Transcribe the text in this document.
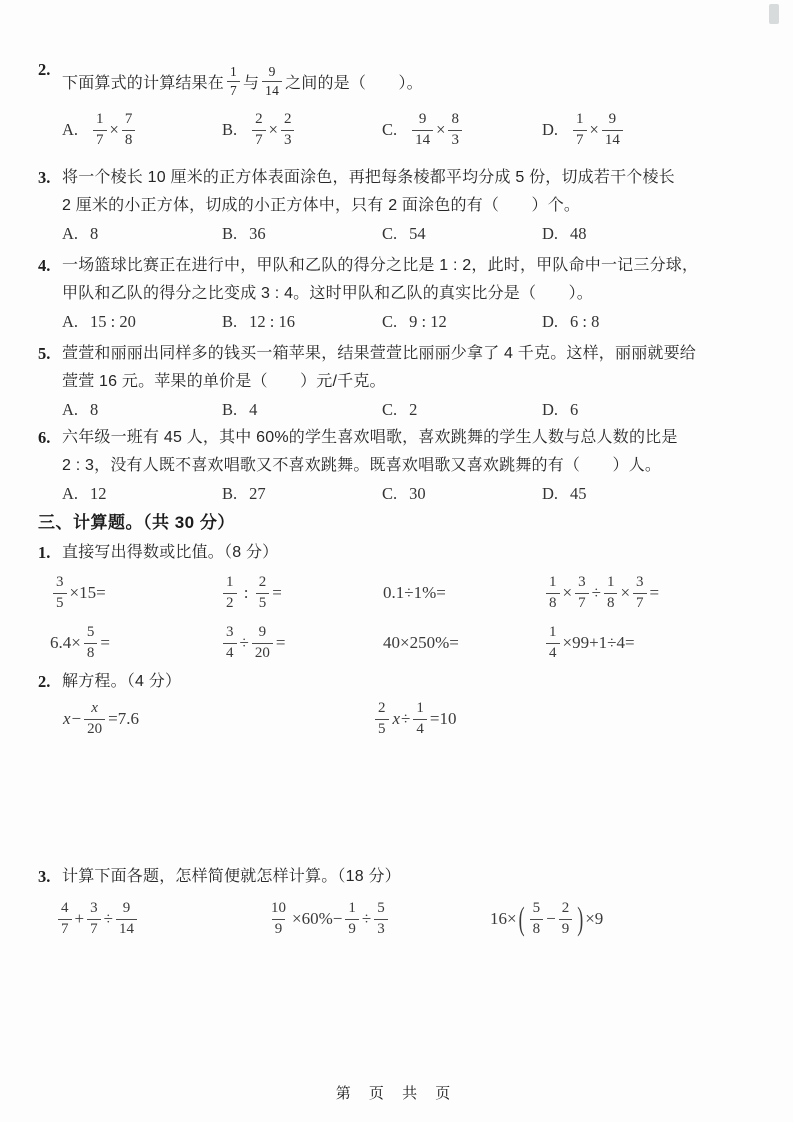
2.
下面算式的计算结果在 $\frac{1}{7}$ 与 $\frac{9}{14}$ 之间的是（　　）。
A. $\frac{1}{7} \times \frac{7}{8}$	B. $\frac{2}{7} \times \frac{2}{3}$	C. $\frac{9}{14} \times \frac{8}{3}$	D. $\frac{1}{7} \times \frac{9}{14}$
3. 将一个棱长 10 厘米的正方体表面涂色，再把每条棱都平均分成 5 份，切成若干个棱长
2 厘米的小正方体，切成的小正方体中，只有 2 面涂色的有（　　）个。
A. 8	B. 36	C. 54	D. 48
4. 一场篮球比赛正在进行中，甲队和乙队的得分之比是 1 : 2，此时，甲队命中一记三分球，
甲队和乙队的得分之比变成 3 : 4。这时甲队和乙队的真实比分是（　　）。
A. 15 : 20	B. 12 : 16	C. 9 : 12	D. 6 : 8
5. 萱萱和丽丽出同样多的钱买一箱苹果，结果萱萱比丽丽少拿了 4 千克。这样，丽丽就要给
萱萱 16 元。苹果的单价是（　　）元/千克。
A. 8	B. 4	C. 2	D. 6
6. 六年级一班有 45 人，其中 60%的学生喜欢唱歌，喜欢跳舞的学生人数与总人数的比是
2 : 3，没有人既不喜欢唱歌又不喜欢跳舞。既喜欢唱歌又喜欢跳舞的有（　　）人。
A. 12	B. 27	C. 30	D. 45
三、计算题。（共 30 分）
1. 直接写出得数或比值。（8 分）
$\frac{3}{5} \times 15=$	$\frac{1}{2}$ : $\frac{2}{5}$ =	0.1÷1%=	$\frac{1}{8} \times \frac{3}{7} \div \frac{1}{8} \times \frac{3}{7}$ =
$6.4\times \frac{5}{8}$ =	$\frac{3}{4} \div \frac{9}{20}$ =	40×250%=	$\frac{1}{4} \times 99+1\div 4=$
2. 解方程。（4 分）
$x - \frac{x}{20} =7.6$	$\frac{2}{5}$ $x \div \frac{1}{4} =10$
3. 计算下面各题，怎样简便就怎样计算。（18 分）
$\frac{4}{7} + \frac{3}{7} \div \frac{9}{14}$	$\frac{10}{9} \times 60\%- \frac{1}{9} \div \frac{5}{3}$	16× ( $\frac{5}{8} - \frac{2}{9}$ ) ×9
第 页 共 页
